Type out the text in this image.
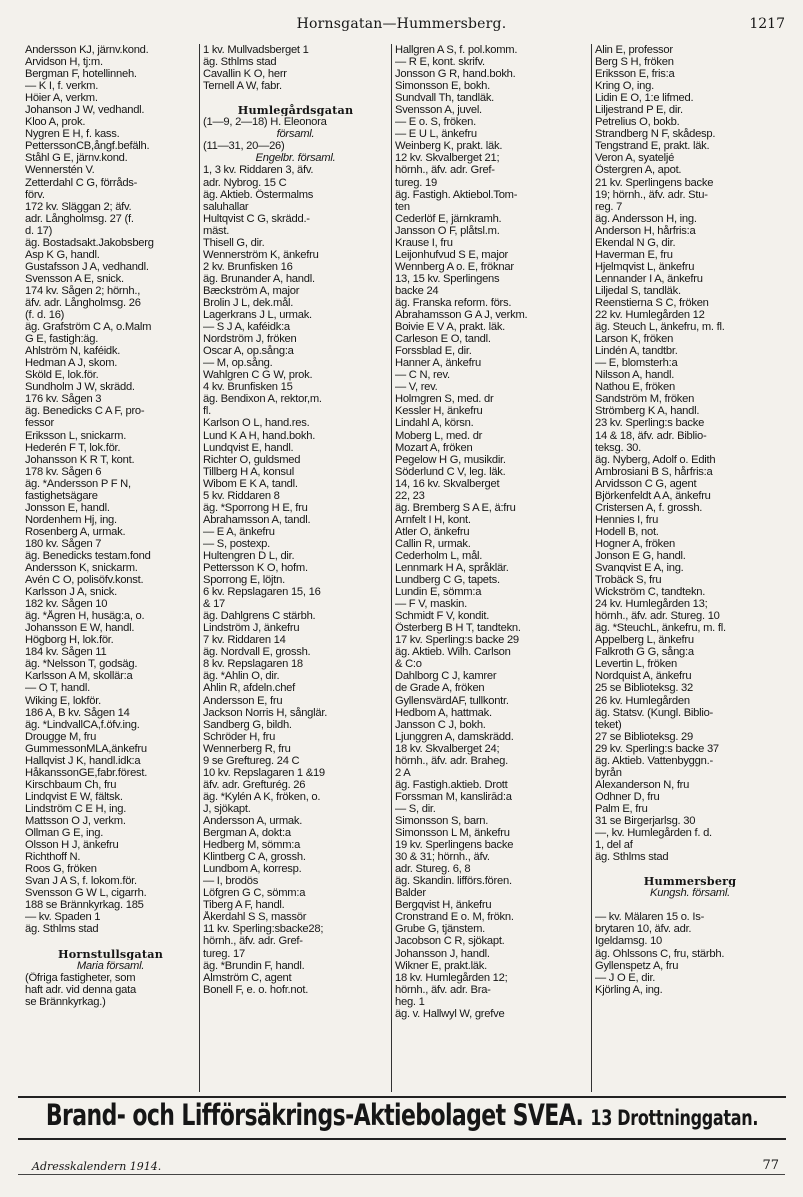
Hornsgatan—Hummersberg.	1217
Andersson KJ, järnv.kond.
Arvidson H, tj:m.
Bergman F, hotellinneh.
— K I, f. verkm.
Höier A, verkm.
Johanson J W, vedhandl.
Kloo A, prok.
Nygren E H, f. kass.
PetterssonCB,ångf.befälh.
Ståhl G E, järnv.kond.
Wennerstén V.
Zetterdahl C G, förråds-
förv.
172 kv. Släggan 2; äfv.
adr. Långholmsg. 27 (f.
d. 17)
äg. Bostadsakt.Jakobsberg
Asp K G, handl.
Gustafsson J A, vedhandl.
Svensson A E, snick.
174 kv. Sågen 2; hörnh.,
äfv. adr. Långholmsg. 26
(f. d. 16)
äg. Grafström C A, o.Malm
G E, fastigh:äg.
Ahlström N, kaféidk.
Hedman A J, skom.
Sköld E, lok.för.
Sundholm J W, skrädd.
176 kv. Sågen 3
äg. Benedicks C A F, pro-
fessor
Eriksson L, snickarm.
Hederén F T, lok.för.
Johansson K R T, kont.
178 kv. Sågen 6
äg. *Andersson P F N,
fastighetsägare
Jonsson E, handl.
Nordenhem Hj, ing.
Rosenberg A, urmak.
180 kv. Sågen 7
äg. Benedicks testam.fond
Andersson K, snickarm.
Avén C O, polisöfv.konst.
Karlsson J A, snick.
182 kv. Sågen 10
äg. *Ågren H, husäg:a, o.
Johansson E W, handl.
Högborg H, lok.för.
184 kv. Sågen 11
äg. *Nelsson T, godsäg.
Karlsson A M, skollär:a
— O T, handl.
Wiking E, lokför.
186 A, B kv. Sågen 14
äg. *LindvallCA,f.öfv.ing.
Drougge M, fru
GummessonMLA,änkefru
Hallqvist J K, handl.idk:a
HåkanssonGE,fabr.förest.
Kirschbaum Ch, fru
Lindqvist E W, fältsk.
Lindström C E H, ing.
Mattsson O J, verkm.
Ollman G E, ing.
Olsson H J, änkefru
Richthoff N.
Roos G, fröken
Svan J A S, f. lokom.för.
Svensson G W L, cigarrh.
188 se Brännkyrkag. 185
— kv. Spaden 1
äg. Sthlms stad
Hornstullsgatan
Maria församl.
(Öfriga fastigheter, som
haft adr. vid denna gata
se Brännkyrkag.)
1 kv. Mullvadsberget 1
äg. Sthlms stad
Cavallin K O, herr
Ternell A W, fabr.
Humlegårdsgatan
(1—9, 2—18) H. Eleonora
församl.
(11—31, 20—26)
Engelbr. församl.
1, 3 kv. Riddaren 3, äfv.
adr. Nybrog. 15 C
äg. Aktieb. Östermalms
saluhallar
Hultqvist C G, skrädd.-
mäst.
Thisell G, dir.
Wennerström K, änkefru
2 kv. Brunfisken 16
äg. Brunander A, handl.
Bæckström A, major
Brolin J L, dek.mål.
Lagerkrans J L, urmak.
— S J A, kaféidk:a
Nordström J, fröken
Oscar A, op.sång:a
— M, op.sång.
Wahlgren C G W, prok.
4 kv. Brunfisken 15
äg. Bendixon A, rektor,m.
fl.
Karlson O L, hand.res.
Lund K A H, hand.bokh.
Lundqvist E, handl.
Richter O, guldsmed
Tillberg H A, konsul
Wibom E K A, tandl.
5 kv. Riddaren 8
äg. *Sporrong H E, fru
Abrahamsson A, tandl.
— E A, änkefru
— S, postexp.
Hultengren D L, dir.
Pettersson K O, hofm.
Sporrong E, löjtn.
6 kv. Repslagaren 15, 16
& 17
äg. Dahlgrens C stärbh.
Lindström J, änkefru
7 kv. Riddaren 14
äg. Nordvall E, grossh.
8 kv. Repslagaren 18
äg. *Ahlin O, dir.
Ahlin R, afdeln.chef
Andersson E, fru
Jackson Norris H, sånglär.
Sandberg G, bildh.
Schröder H, fru
Wennerberg R, fru
9 se Greftureg. 24 C
10 kv. Repslagaren 1 &19
äfv. adr. Grefturég. 26
äg. *Kylén A K, fröken, o.
J, sjökapt.
Andersson A, urmak.
Bergman A, dokt:a
Hedberg M, sömm:a
Klintberg C A, grossh.
Lundbom A, korresp.
— I, brodös
Löfgren G C, sömm:a
Tiberg A F, handl.
Åkerdahl S S, massör
11 kv. Sperling:sbacke28;
hörnh., äfv. adr. Gref-
tureg. 17
äg. *Brundin F, handl.
Almström C, agent
Bonell F, e. o. hofr.not.
Hallgren A S, f. pol.komm.
— R E, kont. skrifv.
Jonsson G R, hand.bokh.
Simonsson E, bokh.
Sundvall Th, tandläk.
Svensson A, juvel.
— E o. S, fröken.
— E U L, änkefru
Weinberg K, prakt. läk.
12 kv. Skvalberget 21;
hörnh., äfv. adr. Gref-
tureg. 19
äg. Fastigh. Aktiebol.Tom-
ten
Cederlöf E, järnkramh.
Jansson O F, plåtsl.m.
Krause I, fru
Leijonhufvud S E, major
Wennberg A o. E, fröknar
13, 15 kv. Sperlingens
backe 24
äg. Franska reform. förs.
Abrahamsson G A J, verkm.
Boivie E V A, prakt. läk.
Carleson E O, tandl.
Forssblad E, dir.
Hanner A, änkefru
— C N, rev.
— V, rev.
Holmgren S, med. dr
Kessler H, änkefru
Lindahl A, körsn.
Moberg L, med. dr
Mozart A, fröken
Pegelow H G, musikdir.
Söderlund C V, leg. läk.
14, 16 kv. Skvalberget
22, 23
äg. Bremberg S A E, ä:fru
Arnfelt I H, kont.
Atler O, änkefru
Callin R, urmak.
Cederholm L, mål.
Lennmark H A, språklär.
Lundberg C G, tapets.
Lundin E, sömm:a
— F V, maskin.
Schmidt F V, kondit.
Österberg B H T, tandtekn.
17 kv. Sperling:s backe 29
äg. Aktieb. Wilh. Carlson
& C:o
Dahlborg C J, kamrer
de Grade A, fröken
GyllensvärdAF, tullkontr.
Hedbom A, hattmak.
Jansson C J, bokh.
Ljunggren A, damskrädd.
18 kv. Skvalberget 24;
hörnh., äfv. adr. Braheg.
2 A
äg. Fastigh.aktieb. Drott
Forssman M, kanslirād:a
— S, dir.
Simonsson S, barn.
Simonsson L M, änkefru
19 kv. Sperlingens backe
30 & 31; hörnh., äfv.
adr. Stureg. 6, 8
äg. Skandin. lifförs.fören.
Balder
Bergqvist H, änkefru
Cronstrand E o. M, frökn.
Grube G, tjänstem.
Jacobson C R, sjökapt.
Johansson J, handl.
Wikner E, prakt.läk.
18 kv. Humlegården 12;
hörnh., äfv. adr. Bra-
heg. 1
äg. v. Hallwyl W, grefve
Alin E, professor
Berg S H, fröken
Eriksson E, fris:a
Kring O, ing.
Lidin E O, 1:e lifmed.
Liljestrand P E, dir.
Petrelius O, bokb.
Strandberg N F, skådesp.
Tengstrand E, prakt. läk.
Veron A, syateljé
Östergren A, apot.
21 kv. Sperlingens backe
19; hörnh., äfv. adr. Stu-
reg. 7
äg. Andersson H, ing.
Anderson H, hårfris:a
Ekendal N G, dir.
Haverman E, fru
Hjelmqvist L, änkefru
Lennander I A, änkefru
Liljedal S, tandläk.
Reenstierna S C, fröken
22 kv. Humlegården 12
äg. Steuch L, änkefru, m. fl.
Larson K, fröken
Lindén A, tandtbr.
— E, blomsterh:a
Nilsson A, handl.
Nathou E, fröken
Sandström M, fröken
Strömberg K A, handl.
23 kv. Sperling:s backe
14 & 18, äfv. adr. Biblio-
teksg. 30.
äg. Nyberg, Adolf o. Edith
Ambrosiani B S, hårfris:a
Arvidsson C G, agent
Björkenfeldt A A, änkefru
Cristersen A, f. grossh.
Hennies I, fru
Hodell B, not.
Hogner A, fröken
Jonson E G, handl.
Svanqvist E A, ing.
Trobäck S, fru
Wickström C, tandtekn.
24 kv. Humlegården 13;
hörnh., äfv. adr. Stureg. 10
äg. *SteuchL, änkefru, m. fl.
Appelberg L, änkefru
Falkroth G G, sång:a
Levertin L, fröken
Nordquist A, änkefru
25 se Biblioteksg. 32
26 kv. Humlegården
äg. Statsv. (Kungl. Biblio-
teket)
27 se Biblioteksg. 29
29 kv. Sperling:s backe 37
äg. Aktieb. Vattenbyggn.-
byrån
Alexanderson N, fru
Odhner D, fru
Palm E, fru
31 se Birgerjarlsg. 30
—, kv. Humlegården f. d.
1, del af
äg. Sthlms stad
Hummersberg
Kungsh. församl.
— kv. Mälaren 15 o. Is-
brytaren 10, äfv. adr.
Igeldamsg. 10
äg. Ohlssons C, fru, stärbh.
Gyllenspetz A, fru
— J O E, dir.
Kjörling A, ing.
Brand- och Lifförsäkrings-Aktiebolaget SVEA. 13 Drottninggatan.
Adresskalendern 1914.	77
